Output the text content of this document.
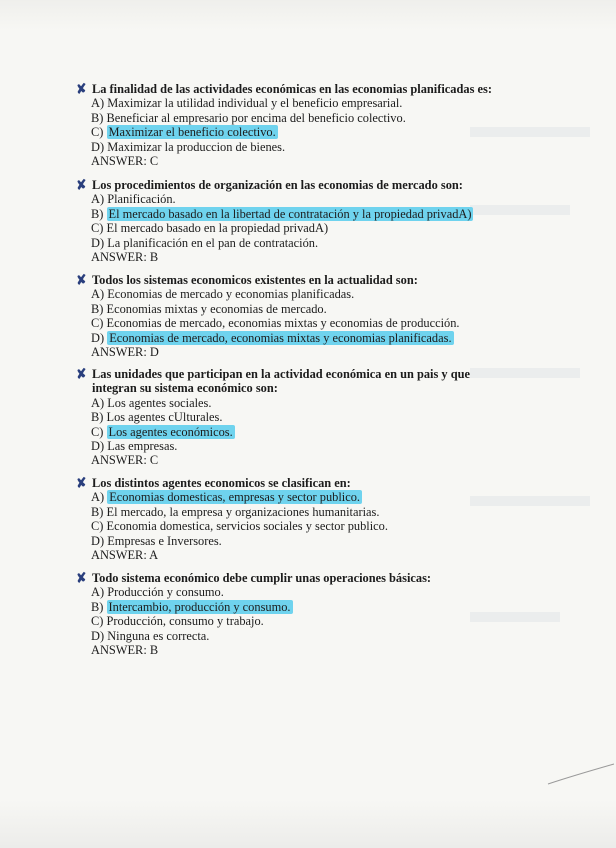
✘ La finalidad de las actividades económicas en las economias planificadas es:
A) Maximizar la utilidad individual y el beneficio empresarial.
B) Beneficiar al empresario por encima del beneficio colectivo.
C) Maximizar el beneficio colectivo.
D) Maximizar la produccion de bienes.
ANSWER: C
✘ Los procedimientos de organización en las economias de mercado son:
A) Planificación.
B) El mercado basado en la libertad de contratación y la propiedad privadA)
C) El mercado basado en la propiedad privadA)
D) La planificación en el pan de contratación.
ANSWER: B
✘ Todos los sistemas economicos existentes en la actualidad son:
A) Economias de mercado y economias planificadas.
B) Economias mixtas y economias de mercado.
C) Economias de mercado, economias mixtas y economias de producción.
D) Economias de mercado, economias mixtas y economias planificadas.
ANSWER: D
✘ Las unidades que participan en la actividad económica en un pais y que integran su sistema económico son:
A) Los agentes sociales.
B) Los agentes cUlturales.
C) Los agentes económicos.
D) Las empresas.
ANSWER: C
✘ Los distintos agentes economicos se clasifican en:
A) Economias domesticas, empresas y sector publico.
B) El mercado, la empresa y organizaciones humanitarias.
C) Economia domestica, servicios sociales y sector publico.
D) Empresas e Inversores.
ANSWER: A
✘ Todo sistema económico debe cumplir unas operaciones básicas:
A) Producción y consumo.
B) Intercambio, producción y consumo.
C) Producción, consumo y trabajo.
D) Ninguna es correcta.
ANSWER: B
